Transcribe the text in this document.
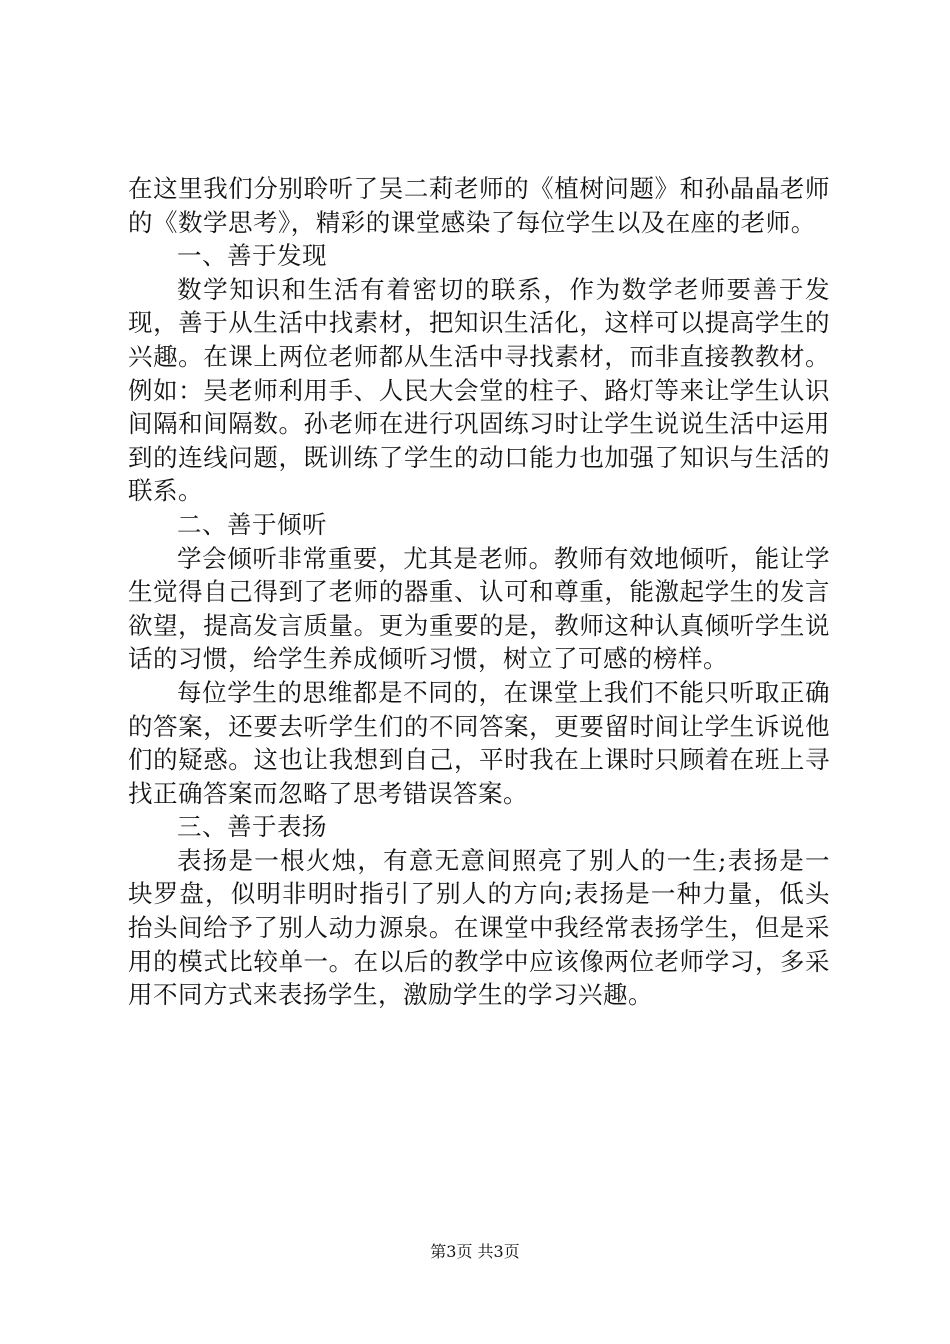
在这里我们分别聆听了吴二莉老师的《植树问题》和孙晶晶老师的《数学思考》，精彩的课堂感染了每位学生以及在座的老师。

一、善于发现

数学知识和生活有着密切的联系，作为数学老师要善于发现，善于从生活中找素材，把知识生活化，这样可以提高学生的兴趣。在课上两位老师都从生活中寻找素材，而非直接教教材。例如：吴老师利用手、人民大会堂的柱子、路灯等来让学生认识间隔和间隔数。孙老师在进行巩固练习时让学生说说生活中运用到的连线问题，既训练了学生的动口能力也加强了知识与生活的联系。

二、善于倾听

学会倾听非常重要，尤其是老师。教师有效地倾听，能让学生觉得自己得到了老师的器重、认可和尊重，能激起学生的发言欲望，提高发言质量。更为重要的是，教师这种认真倾听学生说话的习惯，给学生养成倾听习惯，树立了可感的榜样。

每位学生的思维都是不同的，在课堂上我们不能只听取正确的答案，还要去听学生们的不同答案，更要留时间让学生诉说他们的疑惑。这也让我想到自己，平时我在上课时只顾着在班上寻找正确答案而忽略了思考错误答案。

三、善于表扬

表扬是一根火烛，有意无意间照亮了别人的一生;表扬是一块罗盘，似明非明时指引了别人的方向;表扬是一种力量，低头抬头间给予了别人动力源泉。在课堂中我经常表扬学生，但是采用的模式比较单一。在以后的教学中应该像两位老师学习，多采用不同方式来表扬学生，激励学生的学习兴趣。

第3页 共3页
